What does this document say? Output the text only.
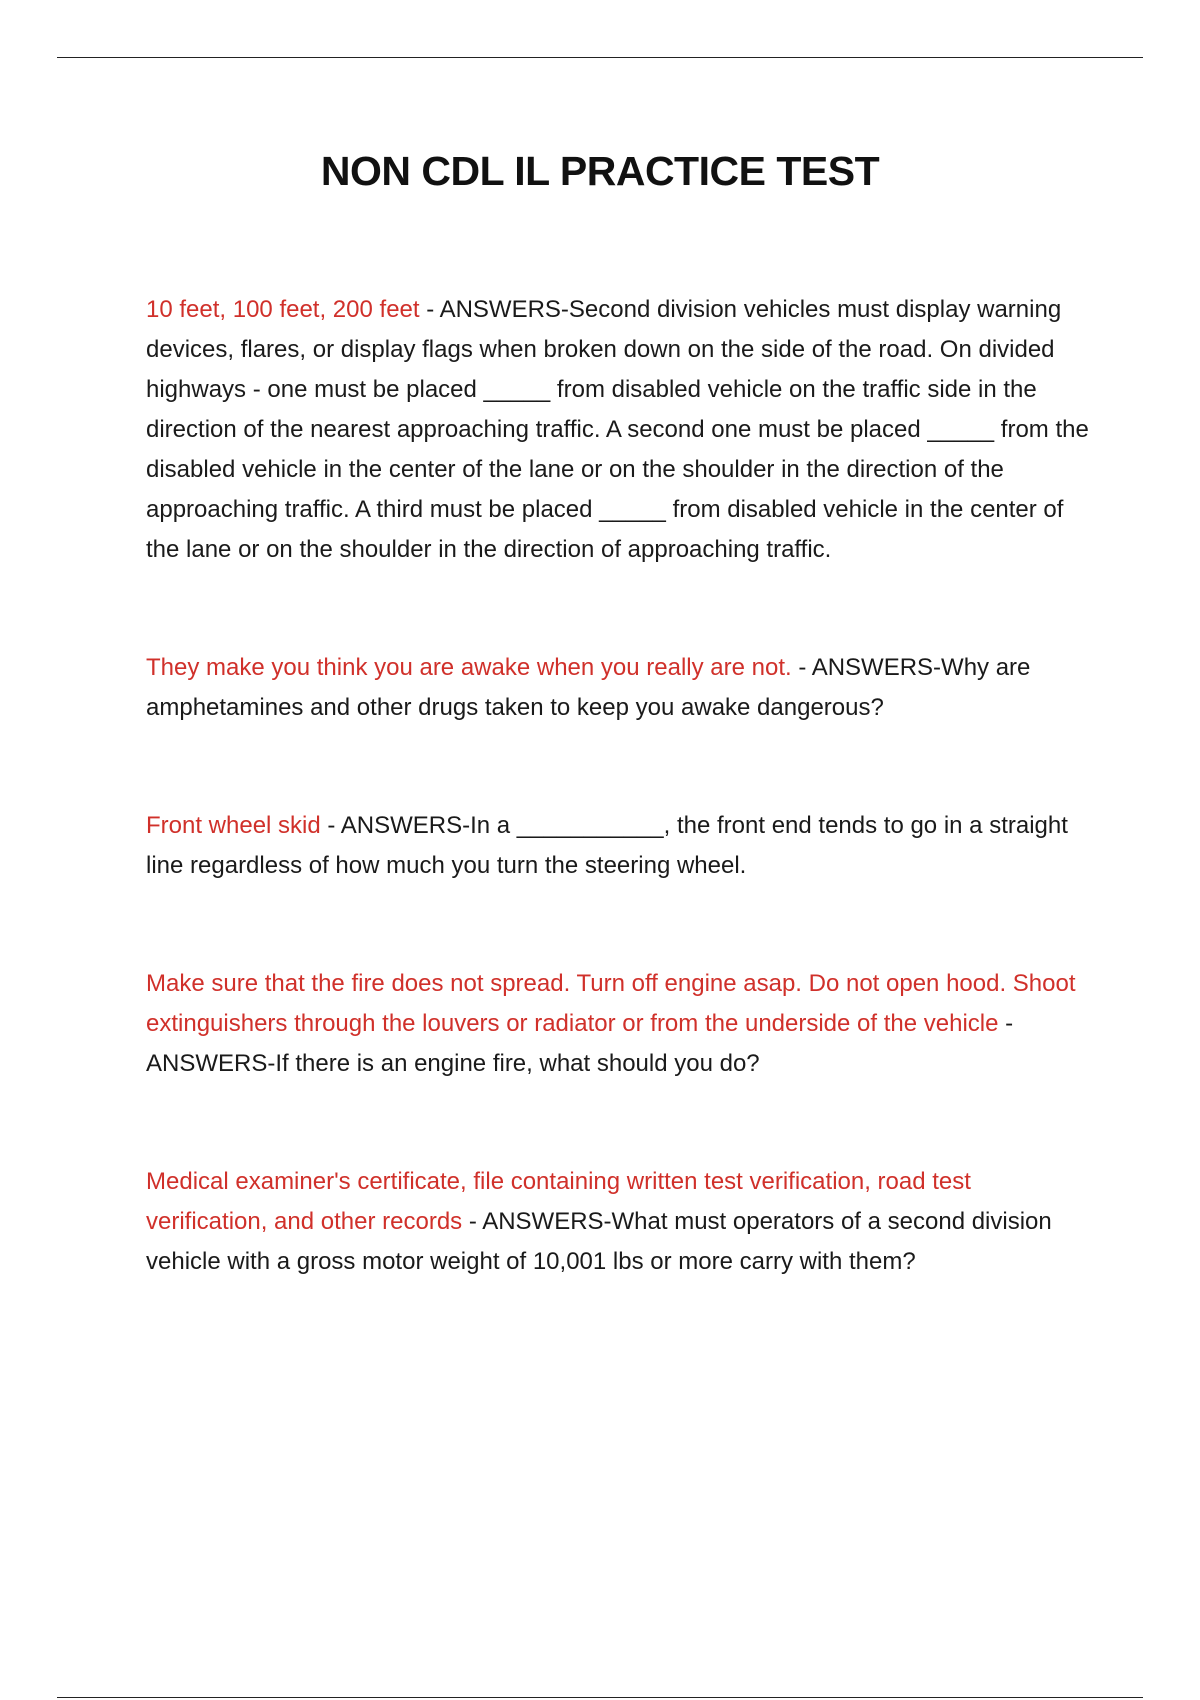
NON CDL IL PRACTICE TEST
10 feet, 100 feet, 200 feet - ANSWERS-Second division vehicles must display warning devices, flares, or display flags when broken down on the side of the road. On divided highways - one must be placed _____ from disabled vehicle on the traffic side in the direction of the nearest approaching traffic. A second one must be placed _____ from the disabled vehicle in the center of the lane or on the shoulder in the direction of the approaching traffic. A third must be placed _____ from disabled vehicle in the center of the lane or on the shoulder in the direction of approaching traffic.
They make you think you are awake when you really are not. - ANSWERS-Why are amphetamines and other drugs taken to keep you awake dangerous?
Front wheel skid - ANSWERS-In a ___________, the front end tends to go in a straight line regardless of how much you turn the steering wheel.
Make sure that the fire does not spread. Turn off engine asap. Do not open hood. Shoot extinguishers through the louvers or radiator or from the underside of the vehicle - ANSWERS-If there is an engine fire, what should you do?
Medical examiner's certificate, file containing written test verification, road test verification, and other records - ANSWERS-What must operators of a second division vehicle with a gross motor weight of 10,001 lbs or more carry with them?
